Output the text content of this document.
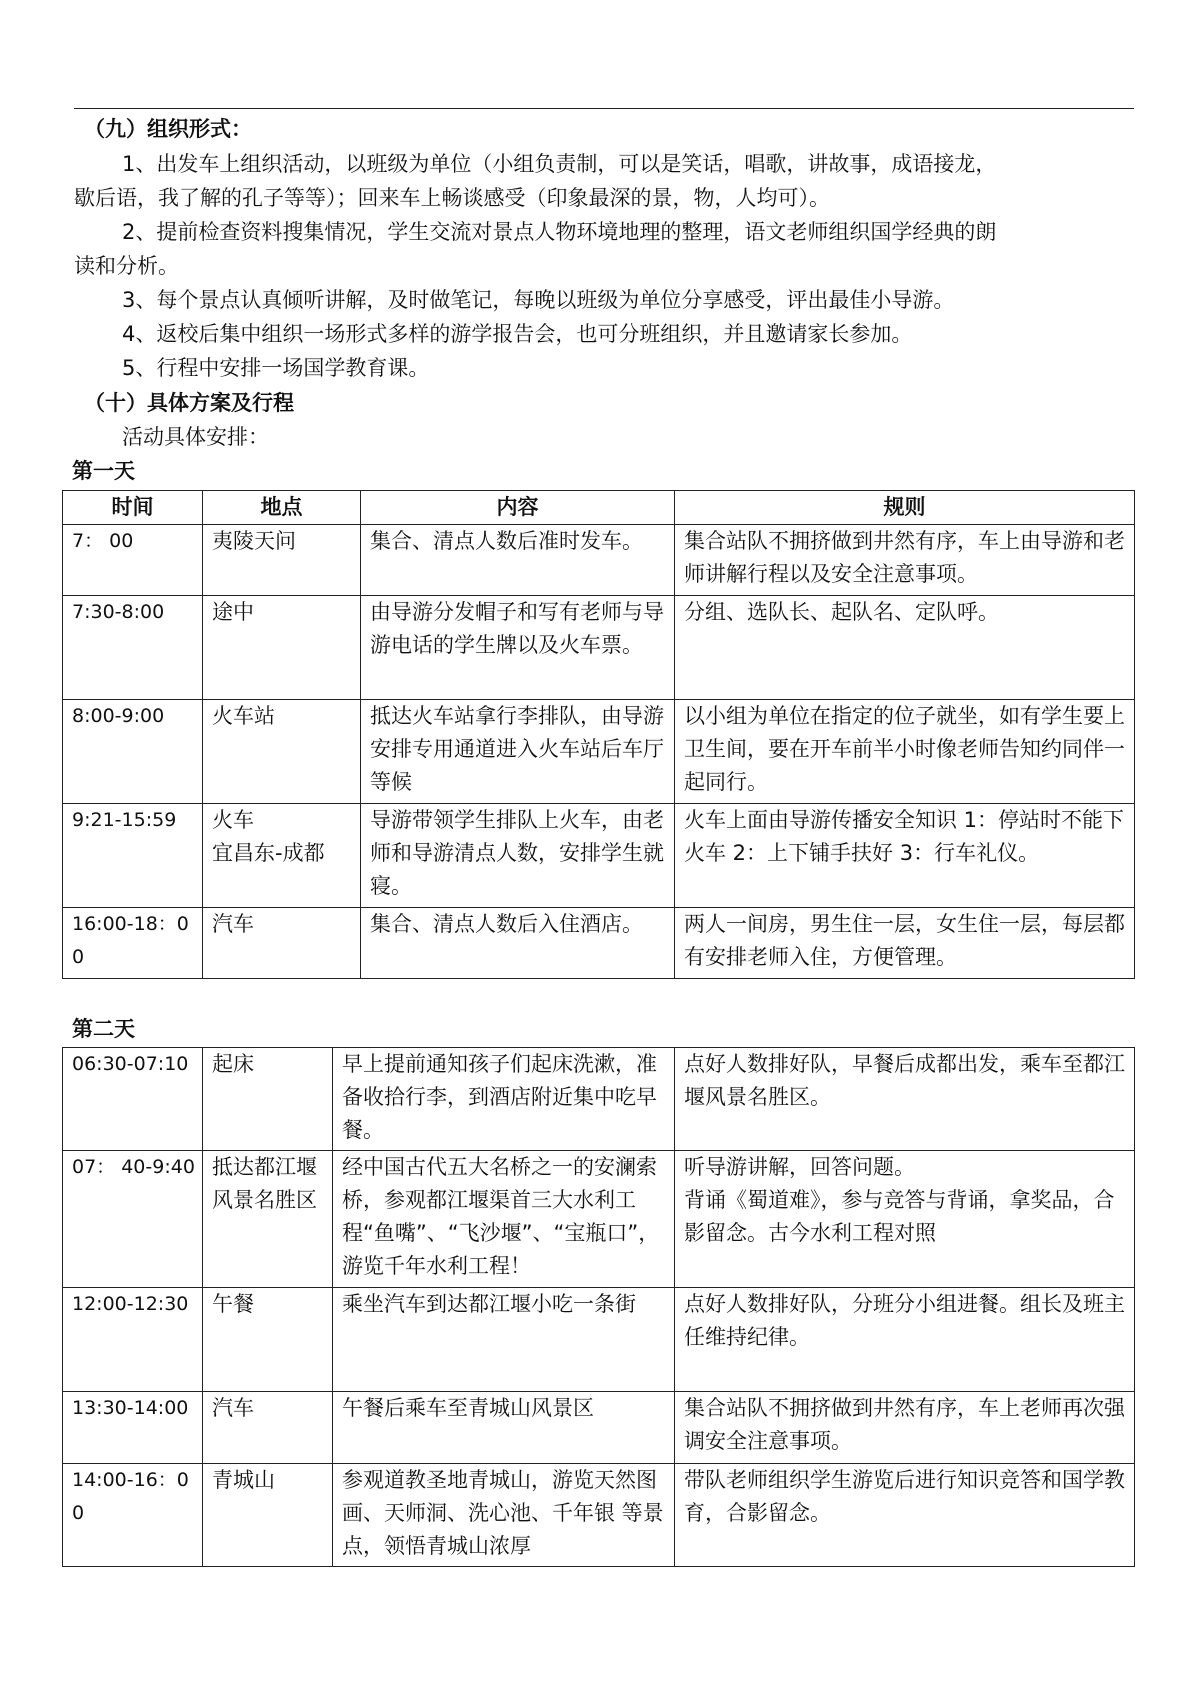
（九）组织形式：
1、出发车上组织活动，以班级为单位（小组负责制，可以是笑话，唱歌，讲故事，成语接龙，
歇后语，我了解的孔子等等）；回来车上畅谈感受（印象最深的景，物，人均可）。
2、提前检查资料搜集情况，学生交流对景点人物环境地理的整理，语文老师组织国学经典的朗
读和分析。
3、每个景点认真倾听讲解，及时做笔记，每晚以班级为单位分享感受，评出最佳小导游。
4、返校后集中组织一场形式多样的游学报告会，也可分班组织，并且邀请家长参加。
5、行程中安排一场国学教育课。
（十）具体方案及行程
活动具体安排：
第一天
时间	地点	内容	规则
7： 00	夷陵天问	集合、清点人数后准时发车。	集合站队不拥挤做到井然有序，车上由导游和老师讲解行程以及安全注意事项。
7:30-8:00	途中	由导游分发帽子和写有老师与导游电话的学生牌以及火车票。	分组、选队长、起队名、定队呼。
8:00-9:00	火车站	抵达火车站拿行李排队，由导游安排专用通道进入火车站后车厅等候	以小组为单位在指定的位子就坐，如有学生要上卫生间，要在开车前半小时像老师告知约同伴一起同行。
9:21-15:59	火车
宜昌东-成都	导游带领学生排队上火车，由老师和导游清点人数，安排学生就寝。	火车上面由导游传播安全知识 1：停站时不能下火车 2：上下铺手扶好 3：行车礼仪。
16:00-18：00	汽车	集合、清点人数后入住酒店。	两人一间房，男生住一层，女生住一层，每层都有安排老师入住，方便管理。
第二天
06:30-07:10	起床	早上提前通知孩子们起床洗漱，准备收拾行李，到酒店附近集中吃早餐。	点好人数排好队，早餐后成都出发，乘车至都江堰风景名胜区。
07： 40-9:40	抵达都江堰风景名胜区	经中国古代五大名桥之一的安澜索桥，参观都江堰渠首三大水利工程“鱼嘴”、“飞沙堰”、“宝瓶口”，游览千年水利工程！	听导游讲解，回答问题。
背诵《蜀道难》，参与竞答与背诵，拿奖品，合影留念。古今水利工程对照
12:00-12:30	午餐	乘坐汽车到达都江堰小吃一条街	点好人数排好队，分班分小组进餐。组长及班主任维持纪律。
13:30-14:00	汽车	午餐后乘车至青城山风景区	集合站队不拥挤做到井然有序，车上老师再次强调安全注意事项。
14:00-16：00	青城山	参观道教圣地青城山，游览天然图画、天师洞、洗心池、千年银 等景点，领悟青城山浓厚	带队老师组织学生游览后进行知识竞答和国学教育，合影留念。
